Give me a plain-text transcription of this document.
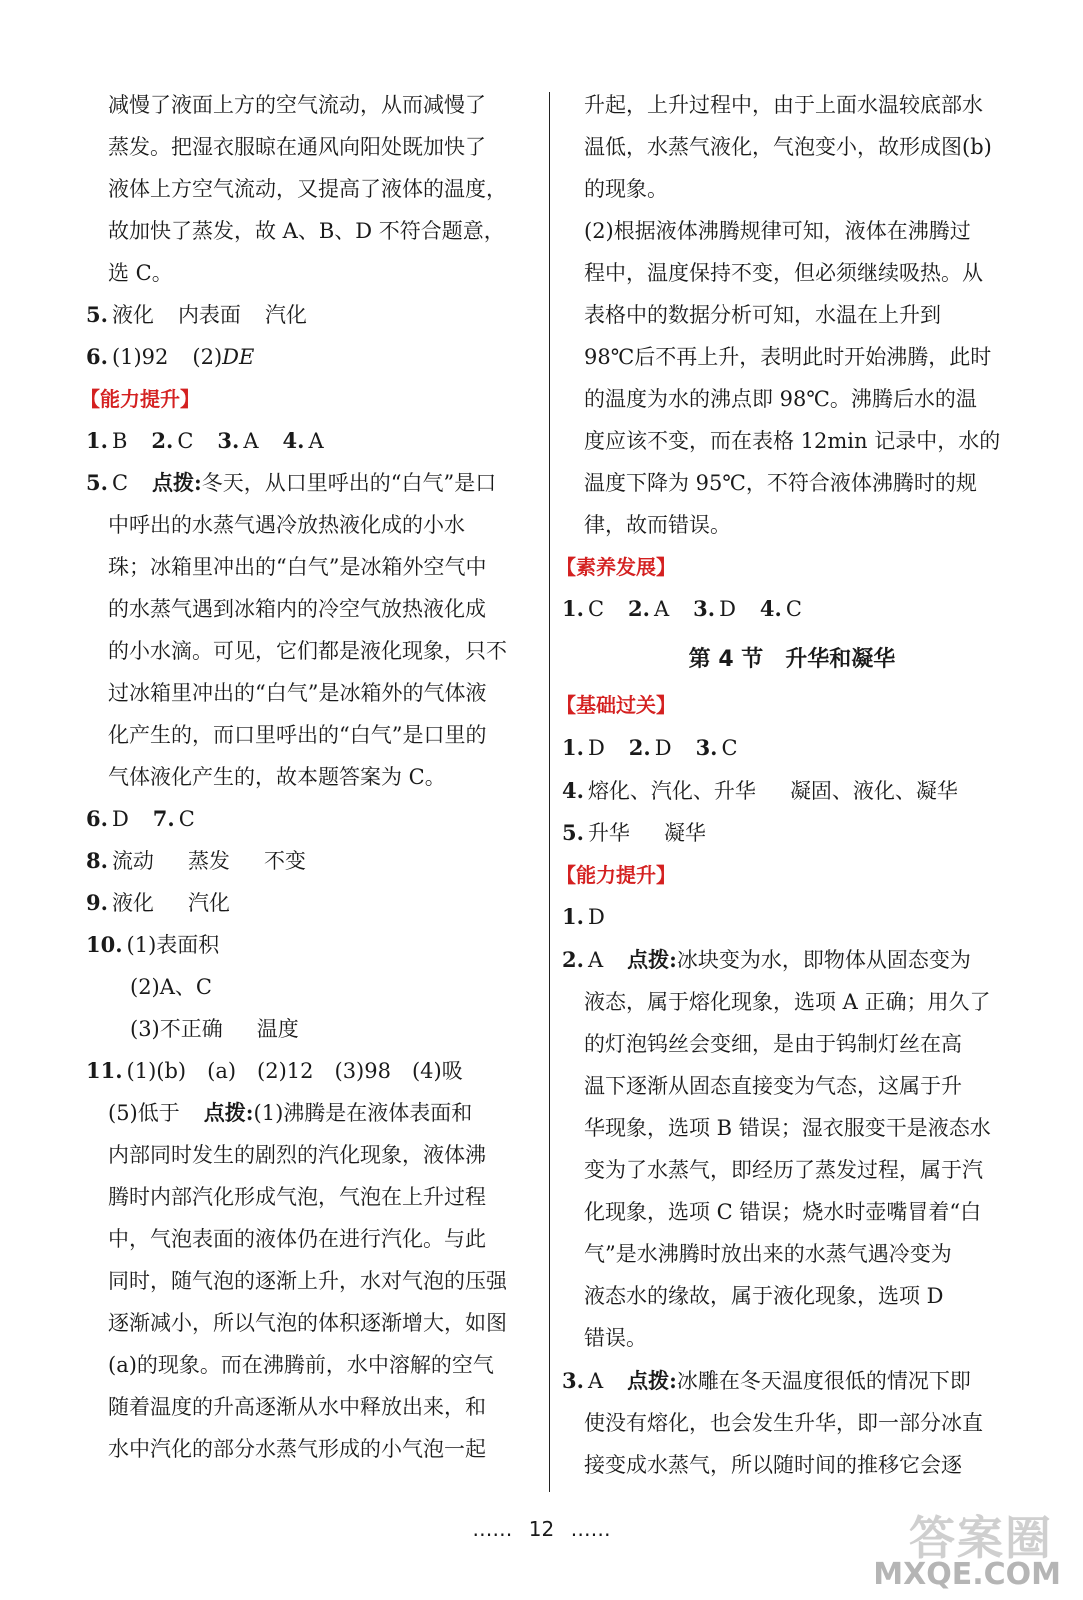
减慢了液面上方的空气流动，从而减慢了
蒸发。把湿衣服晾在通风向阳处既加快了
液体上方空气流动，又提高了液体的温度，
故加快了蒸发，故 A、B、D 不符合题意，
选 C。
5. 液化 内表面 汽化
6. (1)92 (2)DE
【能力提升】
1. B 2. C 3. A 4. A
5. C 点拨:冬天，从口里呼出的“白气”是口
中呼出的水蒸气遇冷放热液化成的小水
珠；冰箱里冲出的“白气”是冰箱外空气中
的水蒸气遇到冰箱内的冷空气放热液化成
的小水滴。可见，它们都是液化现象，只不
过冰箱里冲出的“白气”是冰箱外的气体液
化产生的，而口里呼出的“白气”是口里的
气体液化产生的，故本题答案为 C。
6. D 7. C
8. 流动 蒸发 不变
9. 液化 汽化
10. (1)表面积
(2)A、C
(3)不正确 温度
11. (1)(b)　(a)　(2)12　(3)98　(4)吸
(5)低于 点拨:(1)沸腾是在液体表面和
内部同时发生的剧烈的汽化现象，液体沸
腾时内部汽化形成气泡，气泡在上升过程
中，气泡表面的液体仍在进行汽化。与此
同时，随气泡的逐渐上升，水对气泡的压强
逐渐减小，所以气泡的体积逐渐增大，如图
(a)的现象。而在沸腾前，水中溶解的空气
随着温度的升高逐渐从水中释放出来，和
水中汽化的部分水蒸气形成的小气泡一起
升起，上升过程中，由于上面水温较底部水
温低，水蒸气液化，气泡变小，故形成图(b)
的现象。
(2)根据液体沸腾规律可知，液体在沸腾过
程中，温度保持不变，但必须继续吸热。从
表格中的数据分析可知，水温在上升到
98℃后不再上升，表明此时开始沸腾，此时
的温度为水的沸点即 98℃。沸腾后水的温
度应该不变，而在表格 12min 记录中，水的
温度下降为 95℃，不符合液体沸腾时的规
律，故而错误。
【素养发展】
1. C 2. A 3. D 4. C
第 4 节　升华和凝华
【基础过关】
1. D 2. D 3. C
4. 熔化、汽化、升华 凝固、液化、凝华
5. 升华 凝华
【能力提升】
1. D
2. A 点拨:冰块变为水，即物体从固态变为
液态，属于熔化现象，选项 A 正确；用久了
的灯泡钨丝会变细，是由于钨制灯丝在高
温下逐渐从固态直接变为气态，这属于升
华现象，选项 B 错误；湿衣服变干是液态水
变为了水蒸气，即经历了蒸发过程，属于汽
化现象，选项 C 错误；烧水时壶嘴冒着“白
气”是水沸腾时放出来的水蒸气遇冷变为
液态水的缘故，属于液化现象，选项 D
错误。
3. A 点拨:冰雕在冬天温度很低的情况下即
使没有熔化，也会发生升华，即一部分冰直
接变成水蒸气，所以随时间的推移它会逐
…… 12 ……	答案圈
MXQE.COM
